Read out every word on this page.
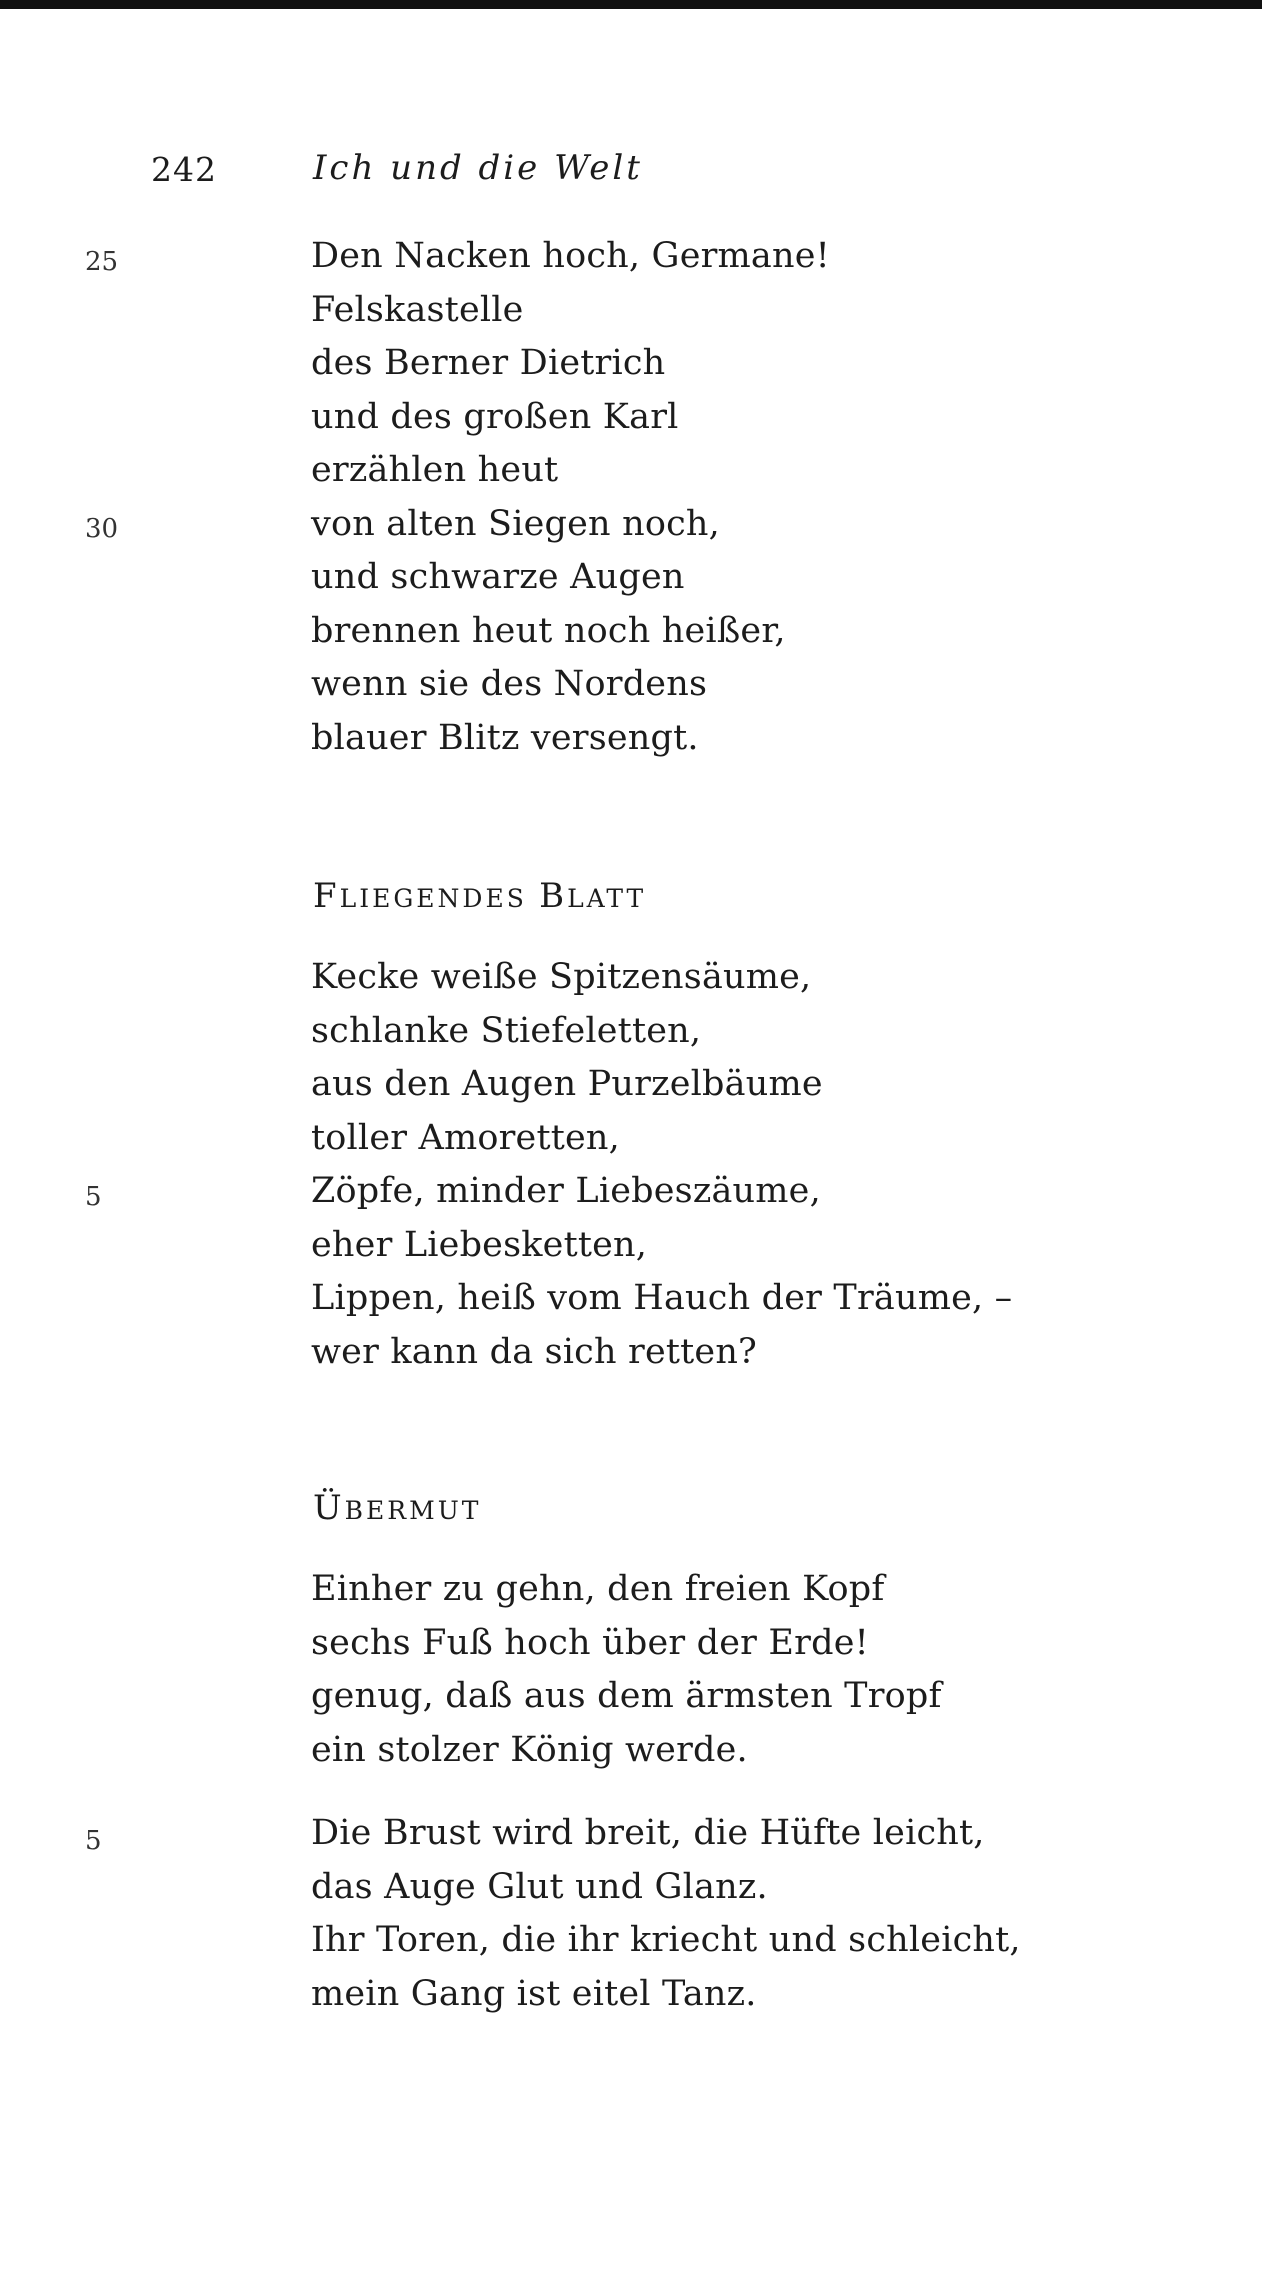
242	Ich und die Welt
25
30
Den Nacken hoch, Germane!
Felskastelle
des Berner Dietrich
und des großen Karl
erzählen heut
von alten Siegen noch,
und schwarze Augen
brennen heut noch heißer,
wenn sie des Nordens
blauer Blitz versengt.
FLIEGENDES BLATT
5
Kecke weiße Spitzensäume,
schlanke Stiefeletten,
aus den Augen Purzelbäume
toller Amoretten,
Zöpfe, minder Liebeszäume,
eher Liebesketten,
Lippen, heiß vom Hauch der Träume, –
wer kann da sich retten?
ÜBERMUT
Einher zu gehn, den freien Kopf
sechs Fuß hoch über der Erde!
genug, daß aus dem ärmsten Tropf
ein stolzer König werde.
5	Die Brust wird breit, die Hüfte leicht,
das Auge Glut und Glanz.
Ihr Toren, die ihr kriecht und schleicht,
mein Gang ist eitel Tanz.
